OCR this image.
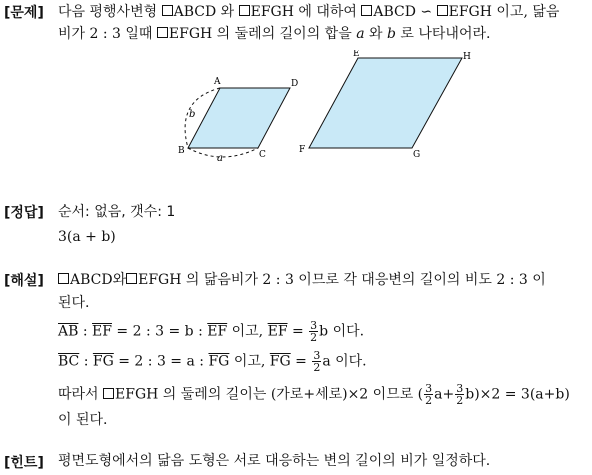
[문제] 다음 평행사변형 ABCD 와 EFGH 에 대하여 ABCD ∽ EFGH 이고, 닮음
비가 2 : 3 일때 EFGH 의 둘레의 길이의 합을 a 와 b 로 나타내어라.
A	D
B	C
b
a
E	H
F	G
[정답] 순서: 없음, 갯수: 1
3(a + b)
[해설]	ABCD와 EFGH 의 닮음비가 2 : 3 이므로 각 대응변의 길이의 비도 2 : 3 이
된다.
$\overline{AB}$ : $\overline{EF} = 2$ : 3 = b : $\overline{EF}$ 이고, $\overline{EF} = \frac{3}{2}$ b 이다.
$\overline{BC}$ : $\overline{FG} = 2$ : 3 = a : $\overline{FG}$ 이고, $\overline{FG} = \frac{3}{2}$ a 이다.
따라서 EFGH 의 둘레의 길이는 (가로+세로)×2 이므로 ( $\frac{3}{2} a+ \frac{3}{2} b)\times 2 = 3(a+b)$
이 된다.
[힌트] 평면도형에서의 닮음 도형은 서로 대응하는 변의 길이의 비가 일정하다.
